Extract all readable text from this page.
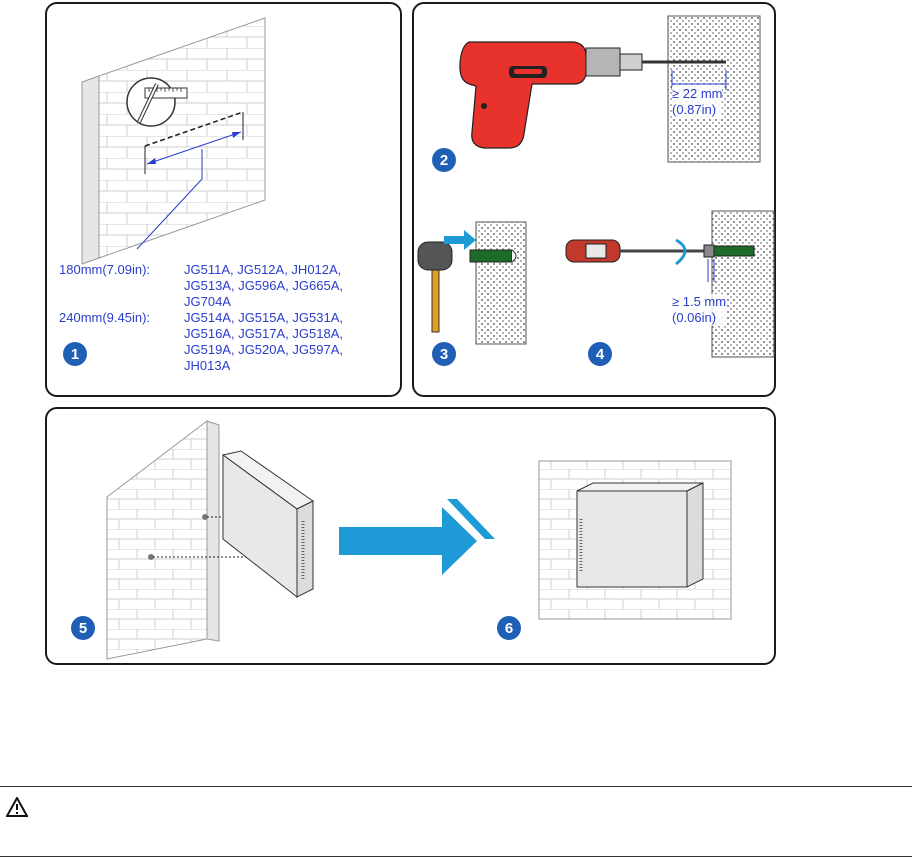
180mm(7.09in):	JG511A, JG512A, JH012A, JG513A, JG596A, JG665A, JG704A
240mm(9.45in):	JG514A, JG515A, JG531A, JG516A, JG517A, JG518A, JG519A, JG520A, JG597A, JH013A
1
≥ 22 mm
(0.87in)
≥ 1.5 mm
(0.06in)
2
3	4
5	6
